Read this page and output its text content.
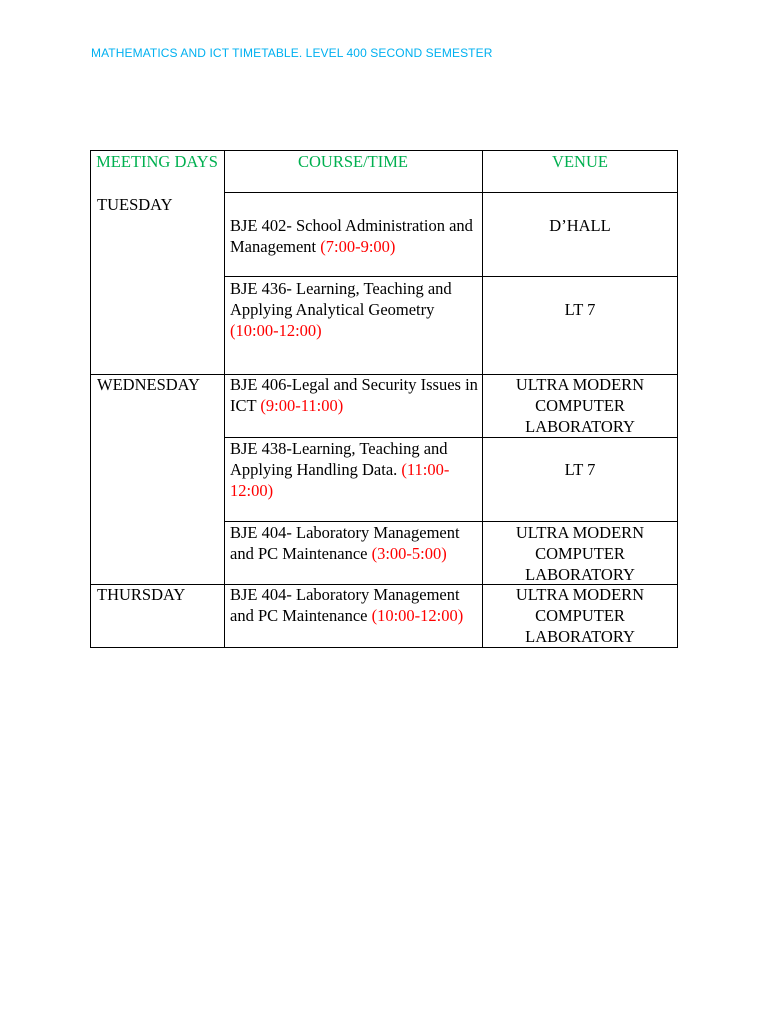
MATHEMATICS AND ICT TIMETABLE. LEVEL 400 SECOND SEMESTER
MEETING DAYS	COURSE/TIME	VENUE
TUESDAY
WEDNESDAY
THURSDAY
BJE 402- School Administration and Management (7:00-9:00)
D’HALL
BJE 436- Learning, Teaching and Applying Analytical Geometry (10:00-12:00)
LT 7
BJE 406-Legal and Security Issues in ICT (9:00-11:00)
ULTRA MODERN COMPUTER LABORATORY
BJE 438-Learning, Teaching and Applying Handling Data. (11:00-12:00)
LT 7
BJE 404- Laboratory Management and PC Maintenance (3:00-5:00)
ULTRA MODERN COMPUTER LABORATORY
BJE 404- Laboratory Management and PC Maintenance (10:00-12:00)
ULTRA MODERN COMPUTER LABORATORY
